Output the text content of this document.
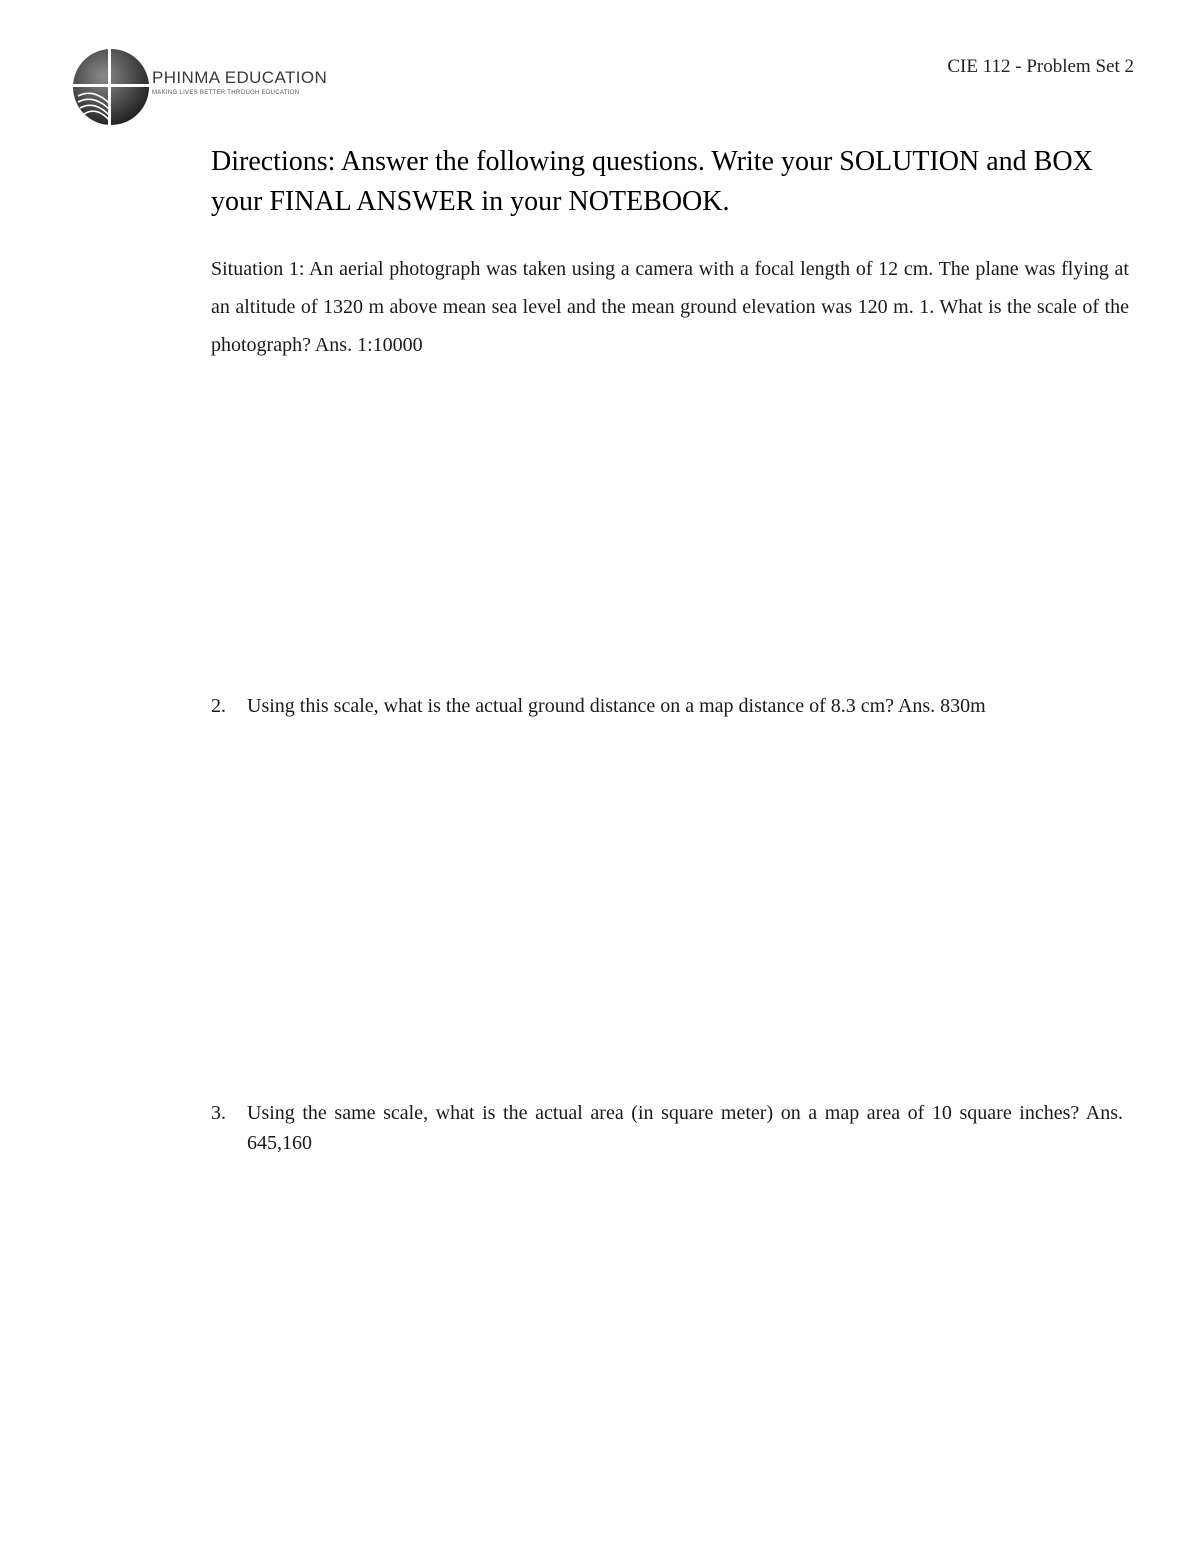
PHINMA EDUCATION
MAKING LIVES BETTER THROUGH EDUCATION
CIE 112 - Problem Set 2
Directions: Answer the following questions. Write your SOLUTION and BOX your FINAL ANSWER in your NOTEBOOK.
Situation 1: An aerial photograph was taken using a camera with a focal length of 12 cm. The plane was flying at an altitude of 1320 m above mean sea level and the mean ground elevation was 120 m. 1. What is the scale of the photograph? Ans. 1:10000
2. Using this scale, what is the actual ground distance on a map distance of 8.3 cm? Ans. 830m
3. Using the same scale, what is the actual area (in square meter) on a map area of 10 square inches? Ans. 645,160
